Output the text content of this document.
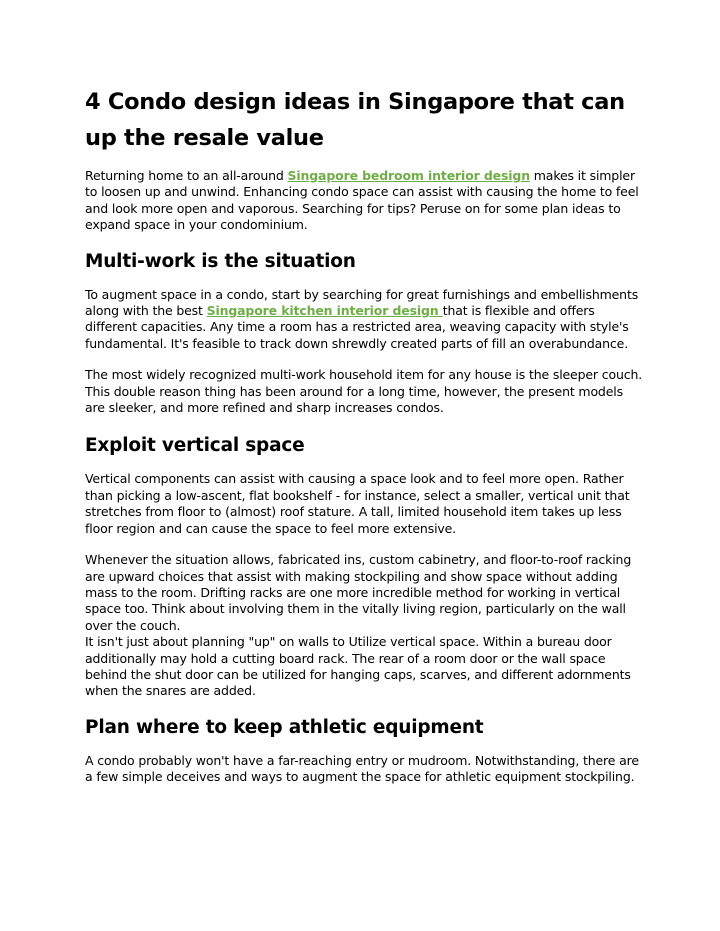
4 Condo design ideas in Singapore that can up the resale value

Returning home to an all-around Singapore bedroom interior design makes it simpler to loosen up and unwind. Enhancing condo space can assist with causing the home to feel and look more open and vaporous. Searching for tips? Peruse on for some plan ideas to expand space in your condominium.

Multi-work is the situation

To augment space in a condo, start by searching for great furnishings and embellishments along with the best Singapore kitchen interior design that is flexible and offers different capacities. Any time a room has a restricted area, weaving capacity with style's fundamental. It's feasible to track down shrewdly created parts of fill an overabundance.

The most widely recognized multi-work household item for any house is the sleeper couch. This double reason thing has been around for a long time, however, the present models are sleeker, and more refined and sharp increases condos.

Exploit vertical space

Vertical components can assist with causing a space look and to feel more open. Rather than picking a low-ascent, flat bookshelf - for instance, select a smaller, vertical unit that stretches from floor to (almost) roof stature. A tall, limited household item takes up less floor region and can cause the space to feel more extensive.

Whenever the situation allows, fabricated ins, custom cabinetry, and floor-to-roof racking are upward choices that assist with making stockpiling and show space without adding mass to the room. Drifting racks are one more incredible method for working in vertical space too. Think about involving them in the vitally living region, particularly on the wall over the couch.

It isn't just about planning "up" on walls to Utilize vertical space. Within a bureau door additionally may hold a cutting board rack. The rear of a room door or the wall space behind the shut door can be utilized for hanging caps, scarves, and different adornments when the snares are added.

Plan where to keep athletic equipment

A condo probably won't have a far-reaching entry or mudroom. Notwithstanding, there are a few simple deceives and ways to augment the space for athletic equipment stockpiling.
